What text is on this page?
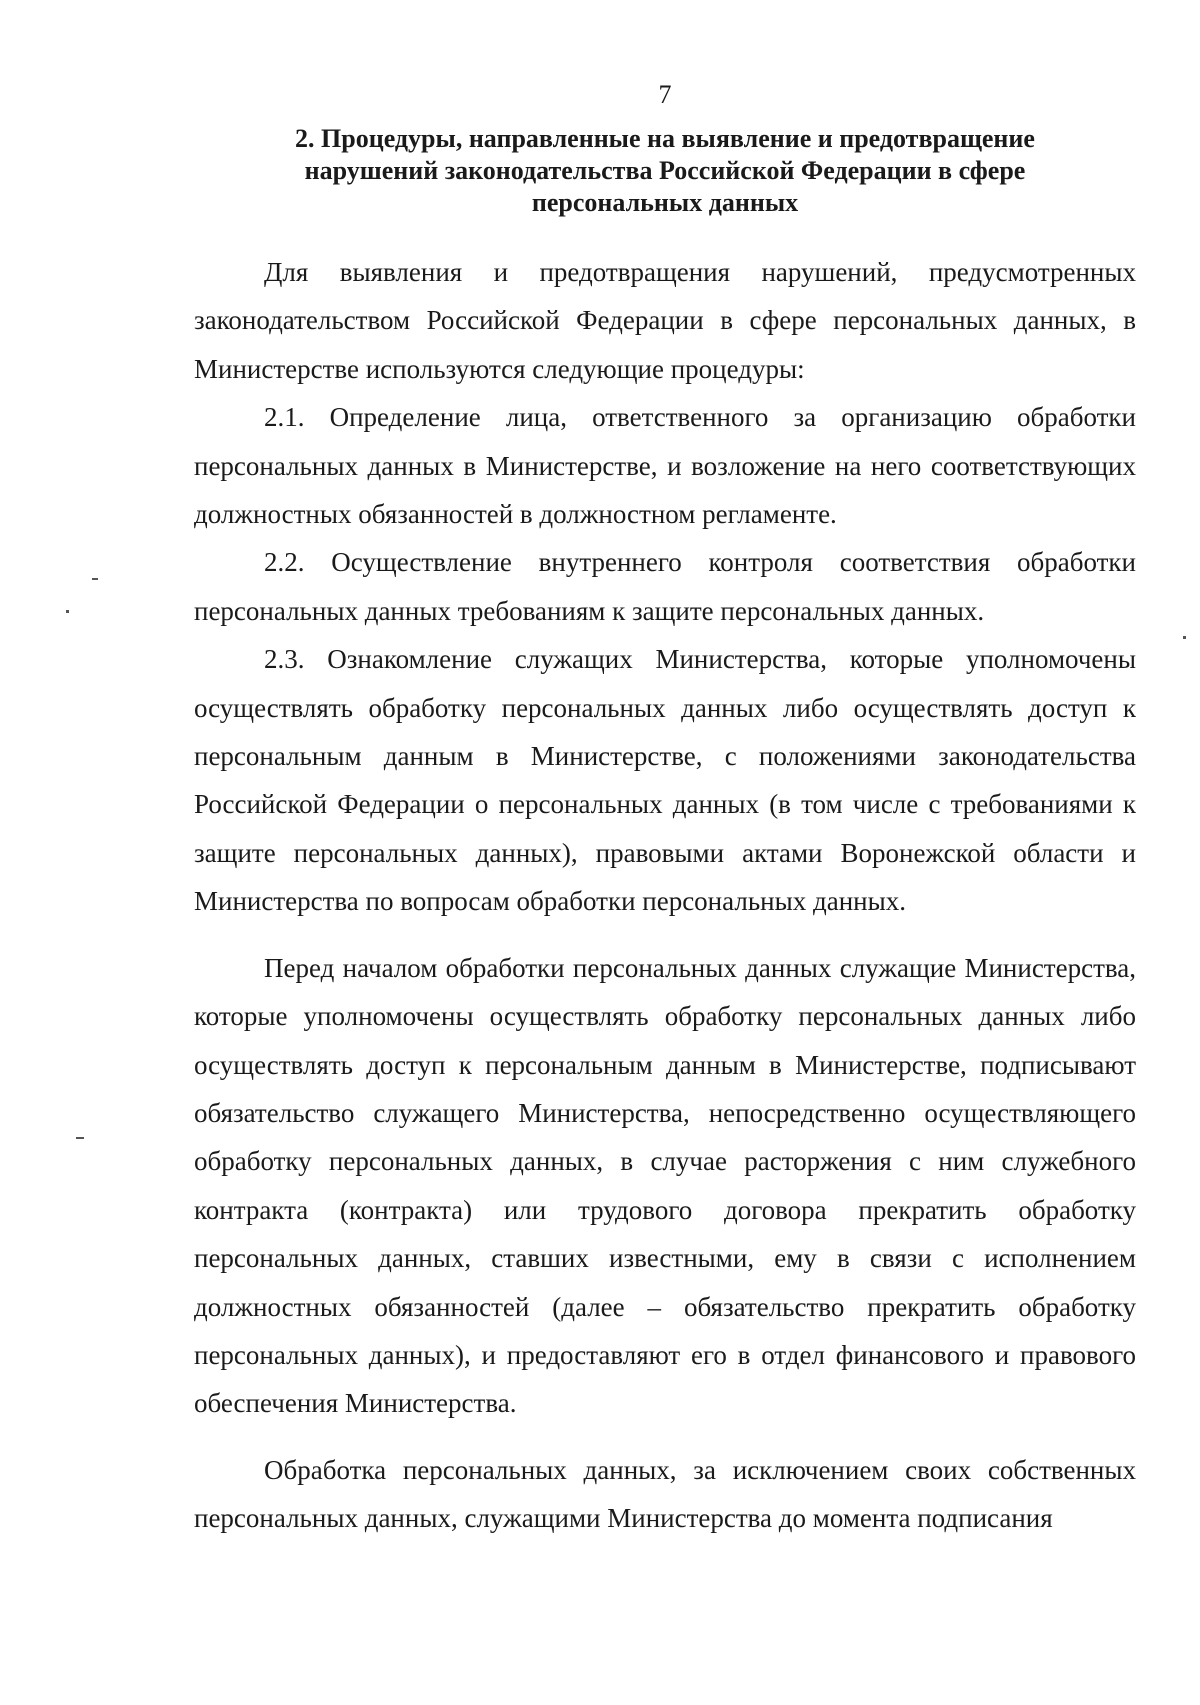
7
2. Процедуры, направленные на выявление и предотвращение
нарушений законодательства Российской Федерации в сфере
персональных данных

Для выявления и предотвращения нарушений, предусмотренных законодательством Российской Федерации в сфере персональных данных, в Министерстве используются следующие процедуры:

2.1. Определение лица, ответственного за организацию обработки персональных данных в Министерстве, и возложение на него соответствующих должностных обязанностей в должностном регламенте.

2.2. Осуществление внутреннего контроля соответствия обработки персональных данных требованиям к защите персональных данных.

2.3. Ознакомление служащих Министерства, которые уполномочены осуществлять обработку персональных данных либо осуществлять доступ к персональным данным в Министерстве, с положениями законодательства Российской Федерации о персональных данных (в том числе с требованиями к защите персональных данных), правовыми актами Воронежской области и Министерства по вопросам обработки персональных данных.

Перед началом обработки персональных данных служащие Министерства, которые уполномочены осуществлять обработку персональных данных либо осуществлять доступ к персональным данным в Министерстве, подписывают обязательство служащего Министерства, непосредственно осуществляющего обработку персональных данных, в случае расторжения с ним служебного контракта (контракта) или трудового договора прекратить обработку персональных данных, ставших известными, ему в связи с исполнением должностных обязанностей (далее – обязательство прекратить обработку персональных данных), и предоставляют его в отдел финансового и правового обеспечения Министерства.

Обработка персональных данных, за исключением своих собственных персональных данных, служащими Министерства до момента подписания
